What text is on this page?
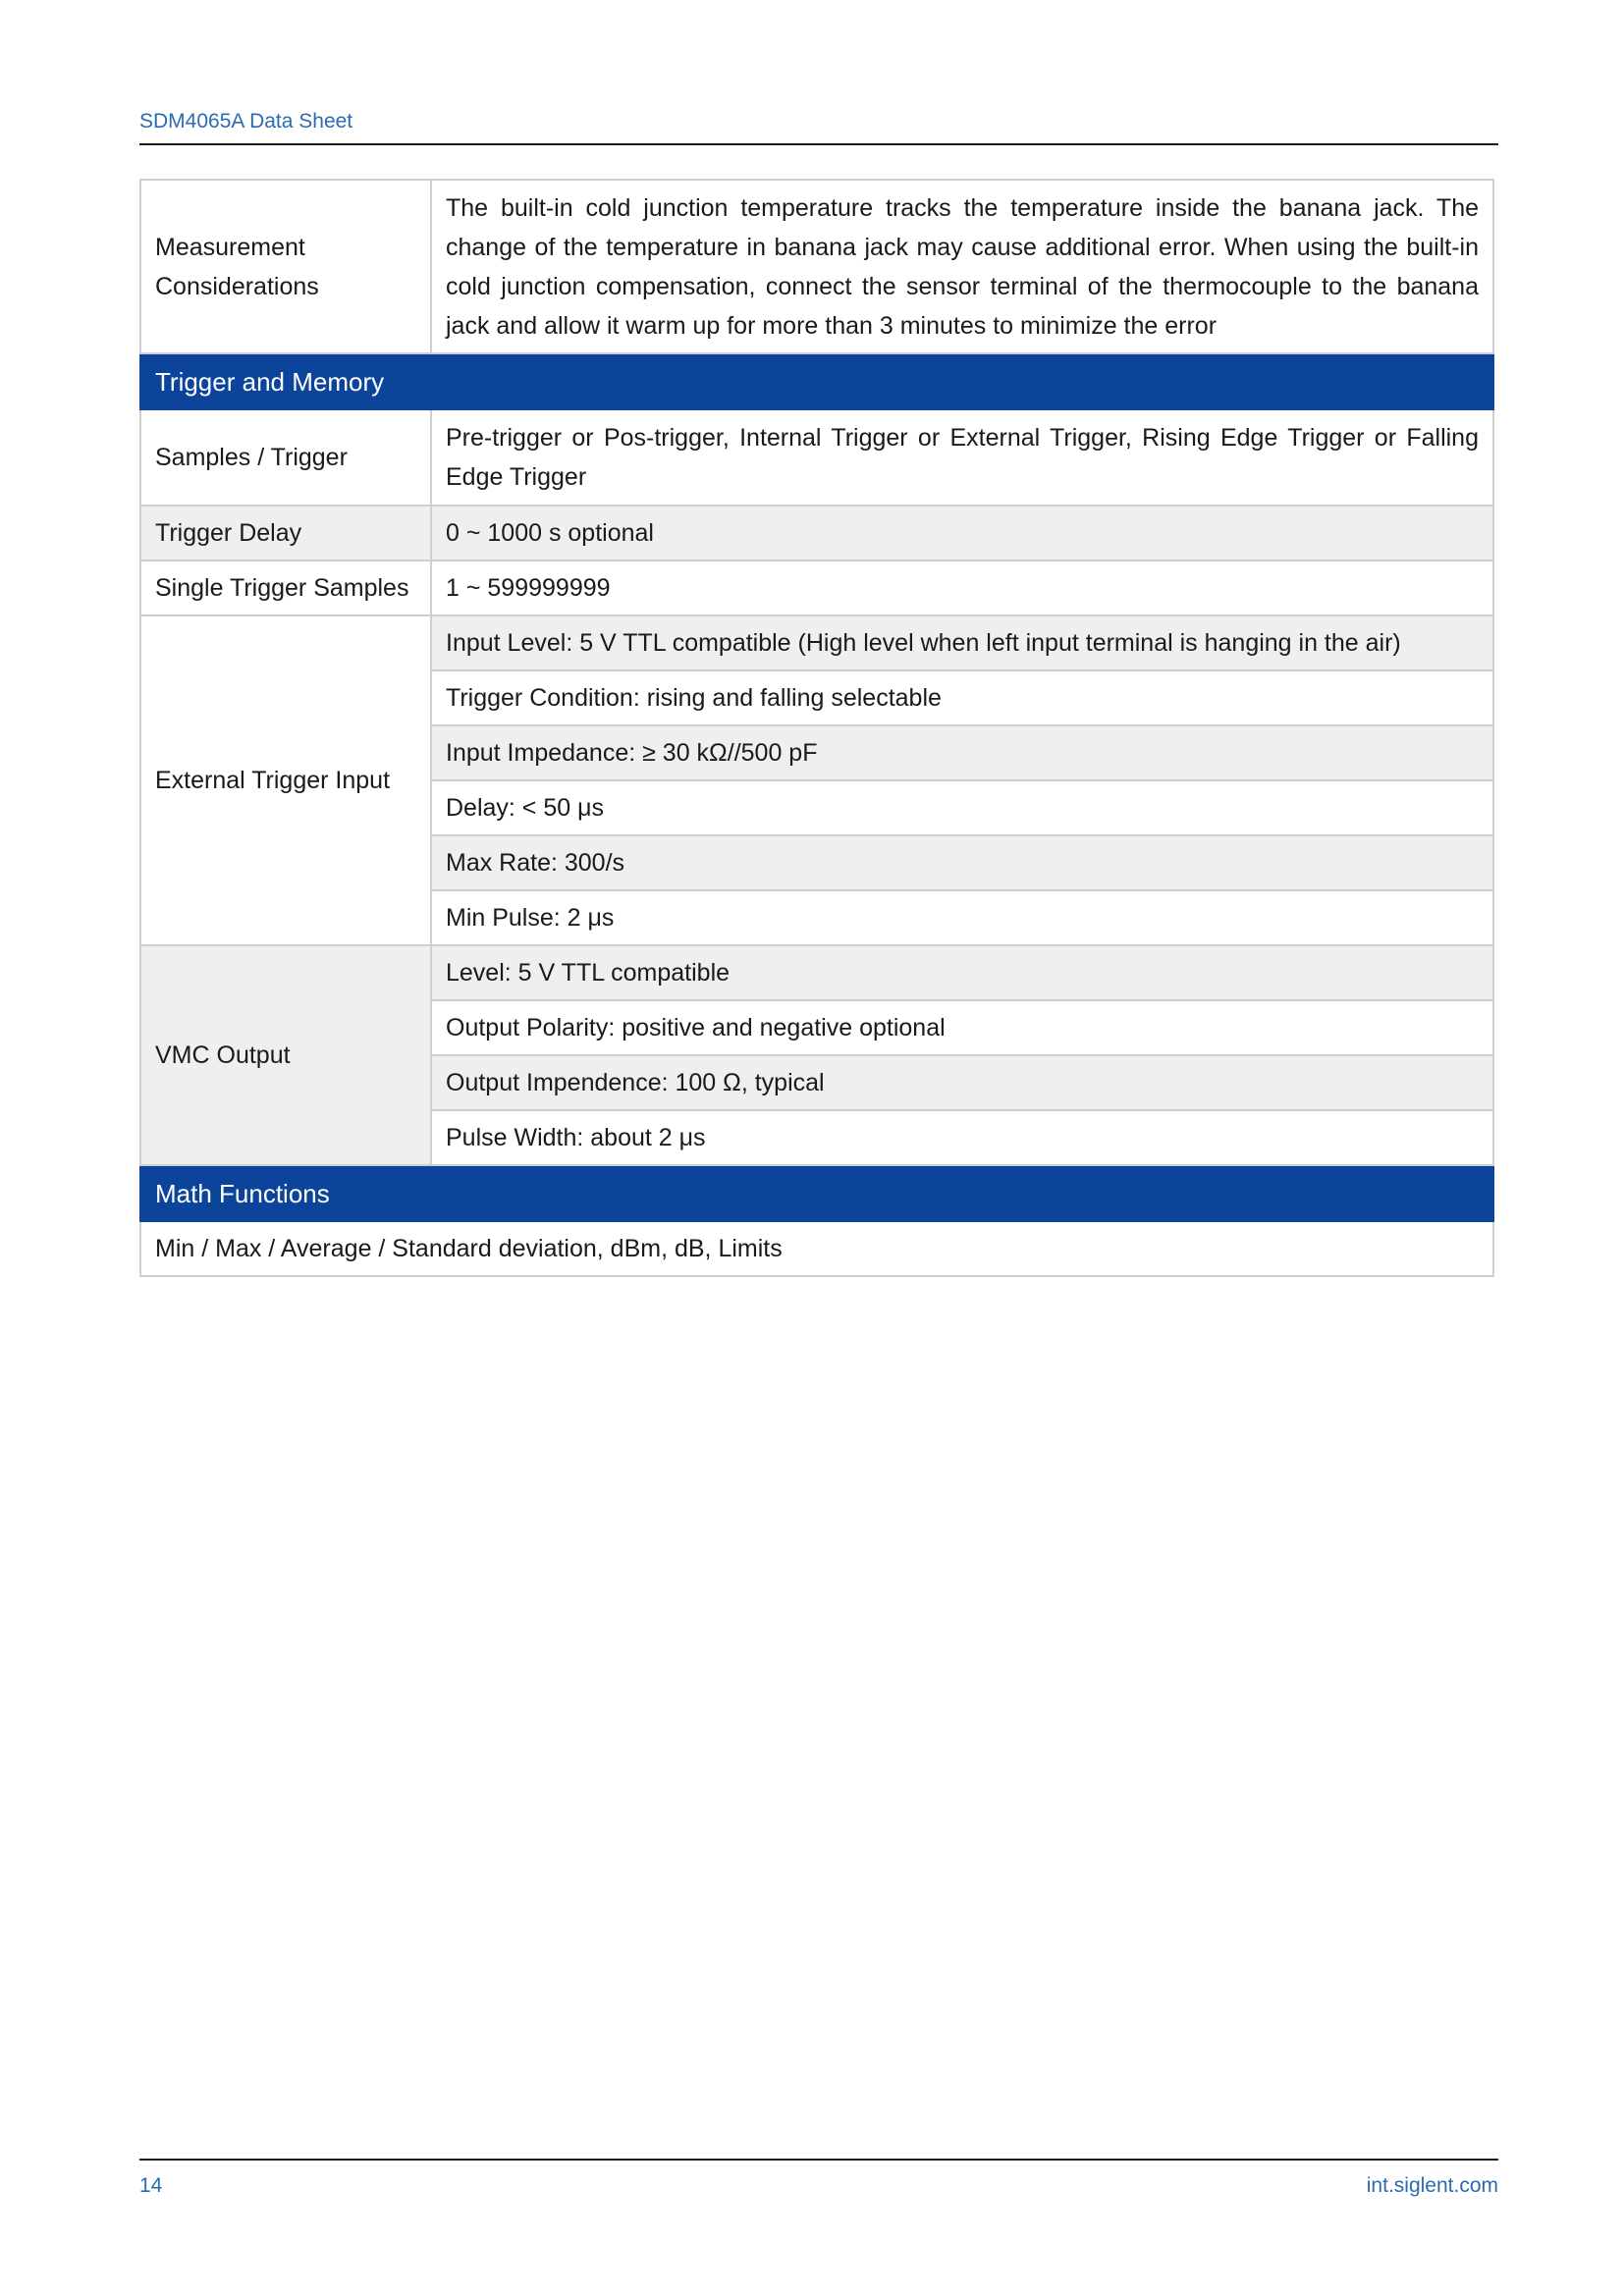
SDM4065A Data Sheet
Measurement Considerations	The built-in cold junction temperature tracks the temperature inside the banana jack. The change of the temperature in banana jack may cause additional error. When using the built-in cold junction compensation, connect the sensor terminal of the thermocouple to the banana jack and allow it warm up for more than 3 minutes to minimize the error
Trigger and Memory	
Samples / Trigger	Pre-trigger or Pos-trigger, Internal Trigger or External Trigger, Rising Edge Trigger or Falling Edge Trigger
Trigger Delay	0 ~ 1000 s optional
Single Trigger Samples	1 ~ 599999999
External Trigger Input	Input Level: 5 V TTL compatible (High level when left input terminal is hanging in the air)
	Trigger Condition: rising and falling selectable
	Input Impedance: ≥ 30 kΩ//500 pF
	Delay: < 50 μs
	Max Rate: 300/s
	Min Pulse: 2 μs
VMC Output	Level: 5 V TTL compatible
	Output Polarity: positive and negative optional
	Output Impendence: 100 Ω, typical
	Pulse Width: about 2 μs
Math Functions	
Min / Max / Average / Standard deviation, dBm, dB, Limits	
14	int.siglent.com
